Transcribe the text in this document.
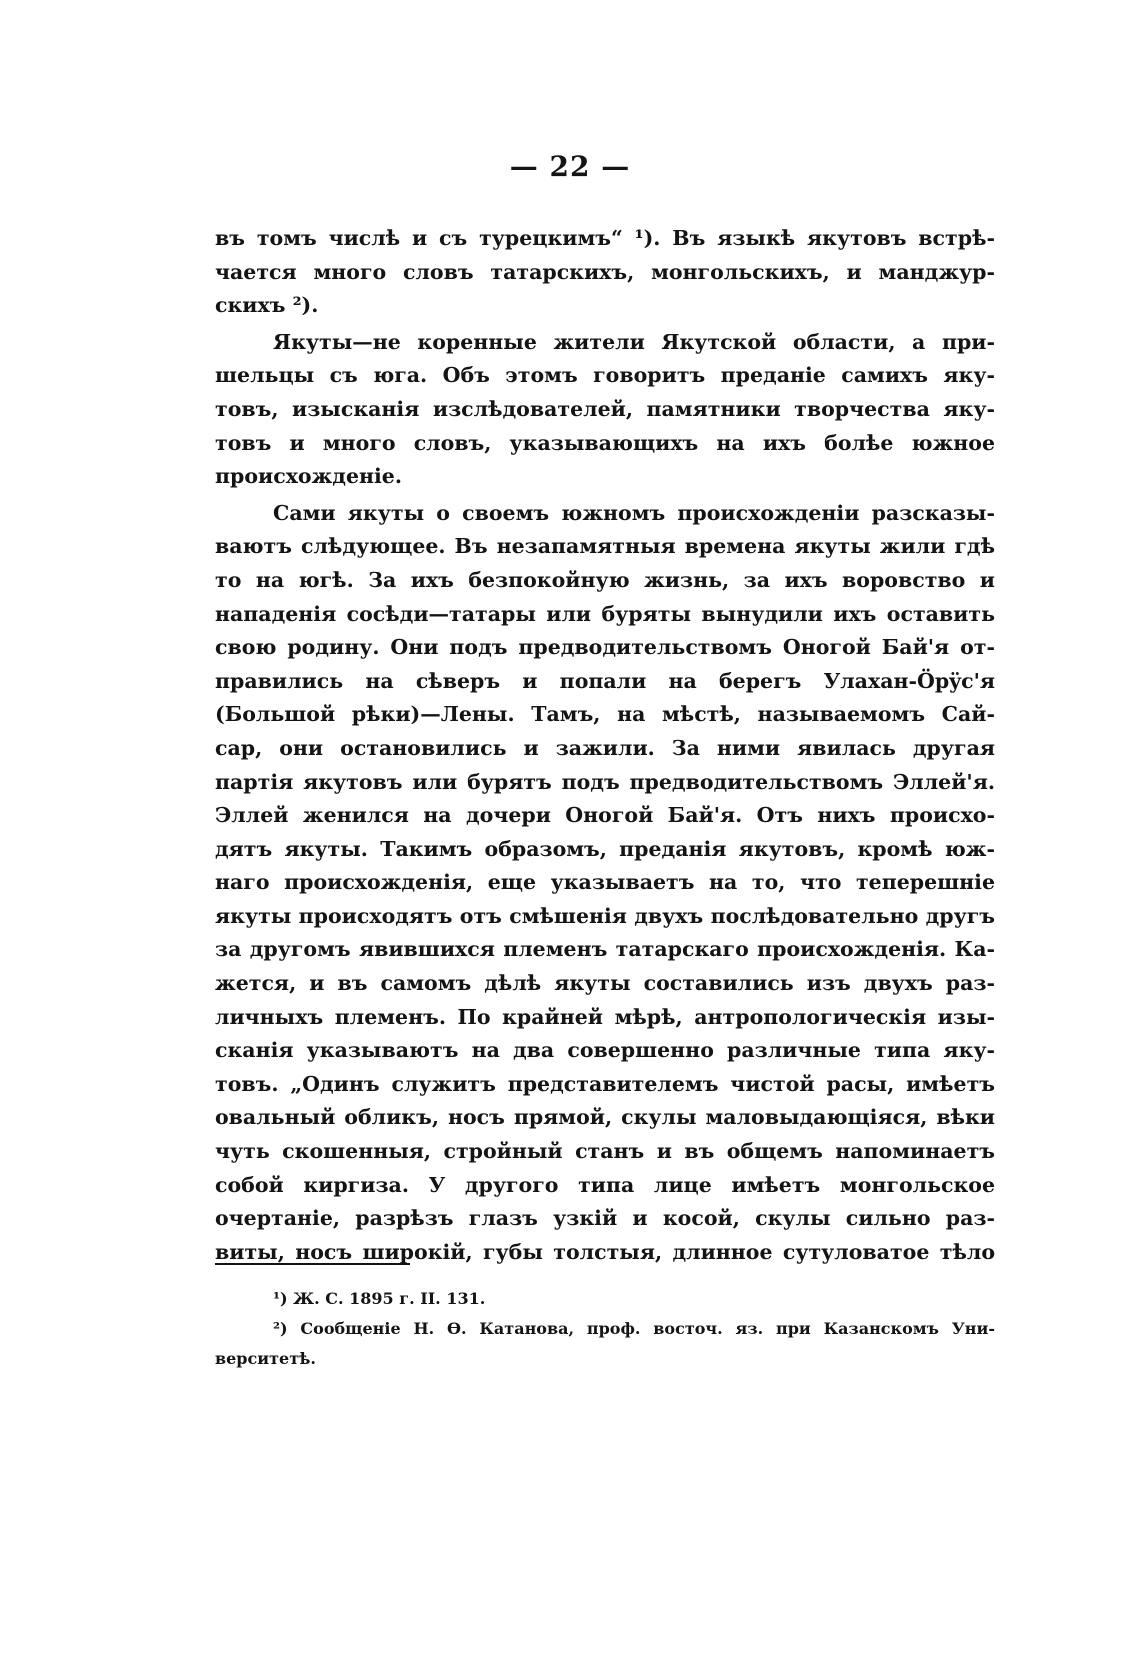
— 22 —
въ томъ числѣ и съ турецкимъ“ ¹). Въ языкѣ якутовъ встрѣ-
чается много словъ татарскихъ, монгольскихъ, и манджур-
скихъ ²).
Якуты—не коренные жители Якутской области, а при-
шельцы съ юга. Объ этомъ говоритъ преданіе самихъ яку-
товъ, изысканія изслѣдователей, памятники творчества яку-
товъ и много словъ, указывающихъ на ихъ болѣе южное
происхожденіе.
Сами якуты о своемъ южномъ происхожденіи разсказы-
ваютъ слѣдующее. Въ незапамятныя времена якуты жили гдѣ
то на югѣ. За ихъ безпокойную жизнь, за ихъ воровство и
нападенія сосѣди—татары или буряты вынудили ихъ оставить
свою родину. Они подъ предводительствомъ Оногой Бай'я от-
правились на сѣверъ и попали на берегъ Улахан-Öрÿс'я
(Большой рѣки)—Лены. Тамъ, на мѣстѣ, называемомъ Сай-
сар, они остановились и зажили. За ними явилась другая
партія якутовъ или бурятъ подъ предводительствомъ Эллей'я.
Эллей женился на дочери Оногой Бай'я. Отъ нихъ происхо-
дятъ якуты. Такимъ образомъ, преданія якутовъ, кромѣ юж-
наго происхожденія, еще указываетъ на то, что теперешніе
якуты происходятъ отъ смѣшенія двухъ послѣдовательно другъ
за другомъ явившихся племенъ татарскаго происхожденія. Ка-
жется, и въ самомъ дѣлѣ якуты составились изъ двухъ раз-
личныхъ племенъ. По крайней мѣрѣ, антропологическія изы-
сканія указываютъ на два совершенно различные типа яку-
товъ. „Одинъ служитъ представителемъ чистой расы, имѣетъ
овальный обликъ, носъ прямой, скулы маловыдающіяся, вѣки
чуть скошенныя, стройный станъ и въ общемъ напоминаетъ
собой киргиза. У другого типа лице имѣетъ монгольское
очертаніе, разрѣзъ глазъ узкій и косой, скулы сильно раз-
виты, носъ широкій, губы толстыя, длинное сутуловатое тѣло
¹) Ж. С. 1895 г. II. 131.
²) Сообщеніе Н. Ѳ. Катанова, проф. восточ. яз. при Казанскомъ Уни-
верситетѣ.
